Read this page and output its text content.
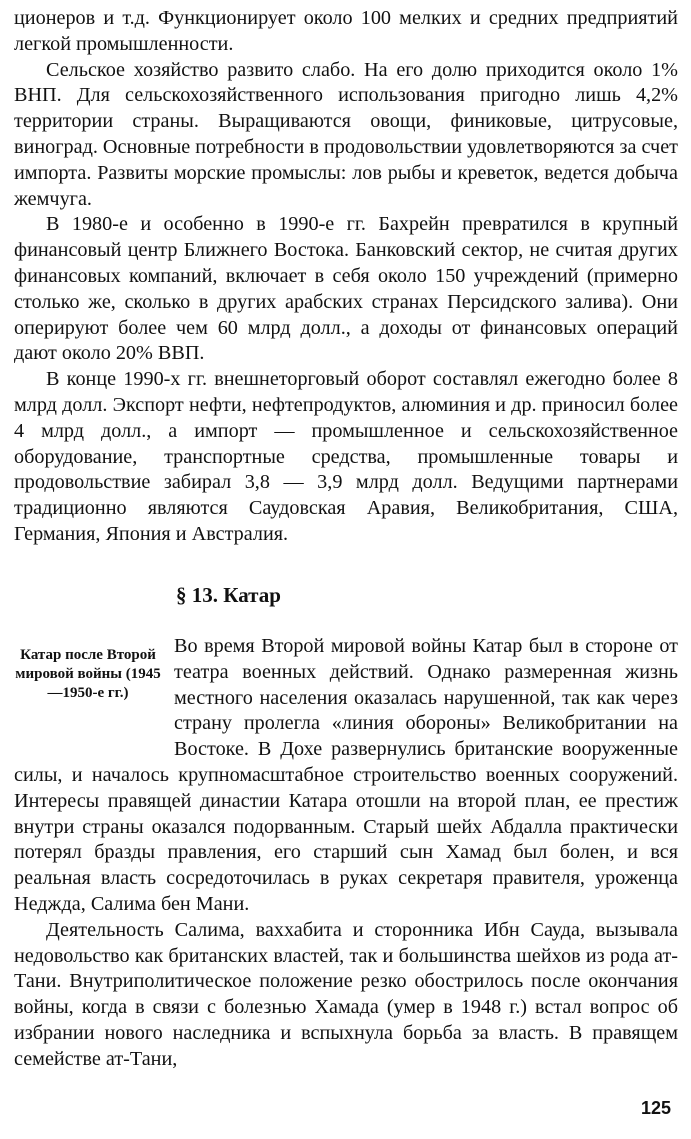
ционеров и т.д. Функционирует около 100 мелких и средних предприятий легкой промышленности.

Сельское хозяйство развито слабо. На его долю приходится около 1% ВНП. Для сельскохозяйственного использования пригодно лишь 4,2% территории страны. Выращиваются овощи, финиковые, цитрусовые, виноград. Основные потребности в продовольствии удовлетворяются за счет импорта. Развиты морские промыслы: лов рыбы и креветок, ведется добыча жемчуга.

В 1980-е и особенно в 1990-е гг. Бахрейн превратился в крупный финансовый центр Ближнего Востока. Банковский сектор, не считая других финансовых компаний, включает в себя около 150 учреждений (примерно столько же, сколько в других арабских странах Персидского залива). Они оперируют более чем 60 млрд долл., а доходы от финансовых операций дают около 20% ВВП.

В конце 1990-х гг. внешнеторговый оборот составлял ежегодно более 8 млрд долл. Экспорт нефти, нефтепродуктов, алюминия и др. приносил более 4 млрд долл., а импорт — промышленное и сельскохозяйственное оборудование, транспортные средства, промышленные товары и продовольствие забирал 3,8 — 3,9 млрд долл. Ведущими партнерами традиционно являются Саудовская Аравия, Великобритания, США, Германия, Япония и Австралия.

§ 13. Катар
Катар после Второй мировой войны (1945—1950-е гг.)

Во время Второй мировой войны Катар был в стороне от театра военных действий. Однако размеренная жизнь местного населения оказалась нарушенной, так как через страну пролегла «линия обороны» Великобритании на Востоке. В Дохе развернулись британские вооруженные силы, и началось крупномасштабное строительство военных сооружений. Интересы правящей династии Катара отошли на второй план, ее престиж внутри страны оказался подорванным. Старый шейх Абдалла практически потерял бразды правления, его старший сын Хамад был болен, и вся реальная власть сосредоточилась в руках секретаря правителя, уроженца Неджда, Салима бен Мани.

Деятельность Салима, ваххабита и сторонника Ибн Сауда, вызывала недовольство как британских властей, так и большинства шейхов из рода ат-Тани. Внутриполитическое положение резко обострилось после окончания войны, когда в связи с болезнью Хамада (умер в 1948 г.) встал вопрос об избрании нового наследника и вспыхнула борьба за власть. В правящем семействе ат-Тани,

125
